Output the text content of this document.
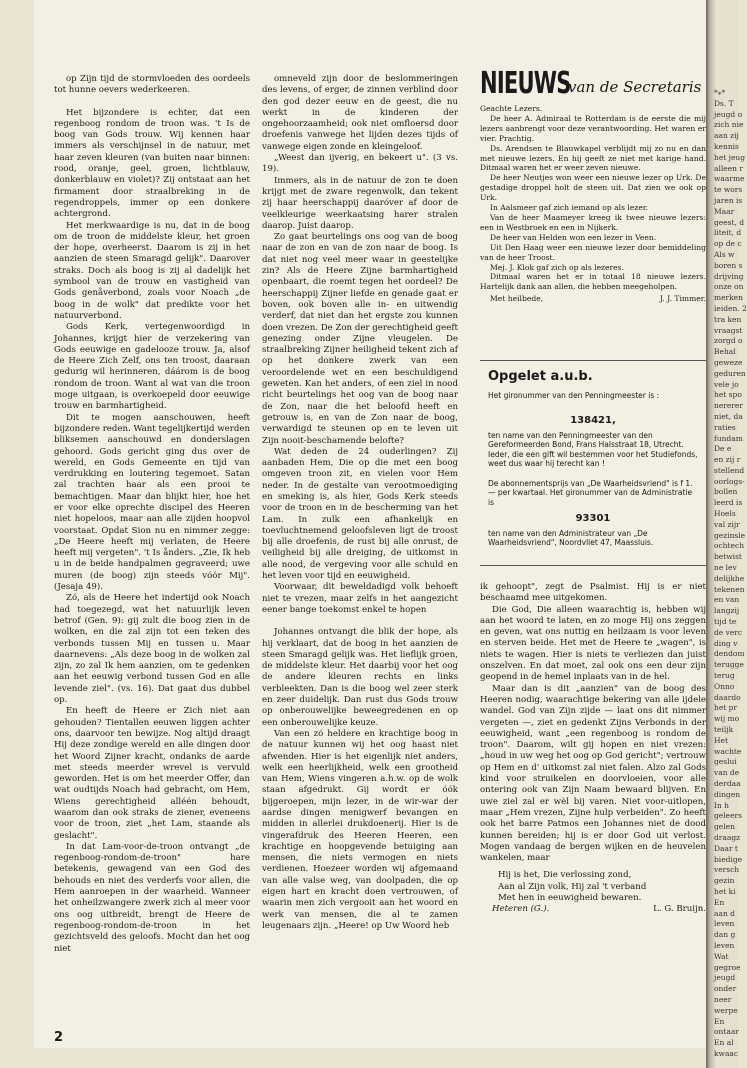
op Zijn tijd de stormvloeden des oordeels tot hunne oevers wederkeeren.

Het bijzondere is echter, dat een regenboog rondom de troon was. 't Is de boog van Gods trouw. Wij kennen haar immers als verschijnsel in de natuur, met haar zeven kleuren (van buiten naar binnen: rood, oranje, geel, groen, lichtblauw, donkerblauw en violet)? Zij ontstaat aan het firmament door straalbreking in de regendroppels, immer op een donkere achtergrond.

Het merkwaardige is nu, dat in de boog om de troon de middelste kleur, het groen der hope, overheerst. Daarom is zij in het aanzien de steen Smaragd gelijk". Daarover straks. Doch als boog is zij al dadelijk het symbool van de trouw en vastigheid van Gods genåverbond, zoals voor Noach „de boog in de wolk" dat predikte voor het natuurverbond.

Gods Kerk, vertegenwoordigd in Johannes, krijgt hier de verzekering van Gods eeuwige en gadelooze trouw. Ja, alsof de Heere Zich Zelf, ons ten troost, daaraan gedurig wil herinneren, dáárom is de boog rondom de troon. Want al wat van die troon moge uitgaan, is overkoepeld door eeuwige trouw en barmhartigheid.

Dit te mogen aanschouwen, heeft bijzondere reden. Want tegelijkertijd werden bliksemen aanschouwd en donderslagen gehoord. Gods gericht ging dus over de wereld, en Gods Gemeente en tijd van verdrukking en loutering tegemoet. Satan zal trachten haar als een prooi te bemachtigen. Maar dan blijkt hier, hoe het er voor elke oprechte discipel des Heeren niet hopeloos, maar aan alle zijden hoopvol voorstaat. Opdat Sion nu en nimmer zegge: „De Heere heeft mij verlaten, de Heere heeft mij vergeten". 't Is ånders. „Zie, Ik heb u in de beide handpalmen gegraveerd; uwe muren (de boog) zijn steeds vóór Mij". (Jesaja 49).

Zó, als de Heere het indertijd ook Noach had toegezegd, wat het natuurlijk leven betrof (Gen. 9): gij zult die boog zien in de wolken, en die zal zijn tot een teken des verbonds tussen Mij en tussen u. Maar daarnevens: „Als deze boog in de wolken zal zijn, zo zal Ik hem aanzien, om te gedenken aan het eeuwig verbond tussen God en alle levende ziel". (vs. 16). Dat gaat dus dubbel op.

En heeft de Heere er Zich niet aan gehouden? Tientallen eeuwen liggen achter ons, daarvoor ten bewijze. Nog altijd draagt Hij deze zondige wereld en alle dingen door het Woord Zijner kracht, ondanks de aarde met steeds meerder wrevel is vervuld geworden. Het is om het meerder Offer, dan wat oudtijds Noach had gebracht, om Hem, Wiens gerechtigheid alléén behoudt, waarom dan ook straks de ziener, eveneens voor de troon, ziet „het Lam, staande als geslacht".

In dat Lam-voor-de-troon ontvangt „de regenboog-rondom-de-troon" hare betekenis, gewagend van een God des behouds en niet des verderfs voor allen, die Hem aanroepen in der waarheid. Wanneer het onheilzwangere zwerk zich al meer voor ons oog uitbreidt, brengt de Heere de regenboog-rondom-de-troon in het gezichtsveld des geloofs. Mocht dan het oog niet

omneveld zijn door de beslommeringen des levens, of erger, de zinnen verblind door den god dezer eeuw en de geest, die nu werkt in de kinderen der ongehoorzaamheid; ook niet omfloersd door droefenis vanwege het lijden dezes tijds of vanwege eigen zonde en kleingeloof.

„Weest dan ijverig, en bekeert u". (3 vs. 19).

Immers, als in de natuur de zon te doen krijgt met de zware regenwolk, dan tekent zij haar heerschappij daaróver af door de veelkleurige weerkaatsing harer stralen daarop. Juist daarop.

Zo gaat beurtelings ons oog van de boog naar de zon en van de zon naar de boog. Is dat niet nog veel meer waar in geestelijke zin? Als de Heere Zijne barmhartigheid openbaart, die roemt tegen het oordeel? De heerschappij Zijner liefde en genade gaat er boven, ook boven alle in- en uitwendig verderf, dat niet dan het ergste zou kunnen doen vrezen. De Zon der gerechtigheid geeft genezing onder Zijne vleugelen. De straalbreking Zijner heiligheid tekent zich af op het donkere zwerk van een veroordelende wet en een beschuldigend geweten. Kan het anders, of een ziel in nood richt beurtelings het oog van de boog naar de Zon, naar die het beloofd heeft en getrouw is, en van de Zon naar de boog, verwardigd te steunen op en te leven uit Zijn nooit-beschamende belofte?

Wat deden de 24 ouderlingen? Zij aanbaden Hem, Die op die met een boog omgeven troon zit, en vielen voor Hem neder. In de gestalte van verootmoediging en smeking is, als hier, Gods Kerk steeds voor de troon en in de bescherming van het Lam. In zulk een afhankelijk en toevluchtnemend geloofsleven ligt de troost bij alle droefenis, de rust bij alle onrust, de veiligheid bij alle dreiging, de uitkomst in alle nood, de vergeving voor alle schuld en het leven voor tijd en eeuwigheid.

Voorwaar, dit beweldadigd volk behoeft niet te vrezen, maar zelfs in het aangezicht eener bange toekomst enkel te hopen

Johannes ontvangt die blik der hope, als hij verklaart, dat de boog in het aanzien de steen Smaragd gelijk was. Het lieflijk groen, de middelste kleur. Het daarbij voor het oog de andere kleuren rechts en links verbleekten. Dan is die boog wel zeer sterk en zeer duidelijk. Dan rust dus Gods trouw op onberouwelijke beweegredenen en op een onberouwelijke keuze.

Van een zó heldere en krachtige boog in de natuur kunnen wij het oog haast niet afwenden. Hier is het eigenlijk niet anders, welk een heerlijkheid, welk een grootheid van Hem, Wiens vingeren a.h.w. op de wolk staan afgedrukt. Gij wordt er óók bijgeroepen, mijn lezer, in de wir-war der aardse dingen menigwerf bevangen en midden in allerlei drukdoenerij. Hier is de vingerafdruk des Heeren Heeren, een krachtige en hoopgevende betuiging aan mensen, die niets vermogen en niets verdienen. Hoezeer worden wij afgemaand van alle valse weg, van doolpaden, die op eigen hart en kracht doen vertrouwen, of waarin men zich vergooit aan het woord en werk van mensen, die al te zamen leugenaars zijn. „Heere! op Uw Woord heb

NIEUWS
van de Secretaris

Geachte Lezers.

De heer A. Admiraal te Rotterdam is de eerste die mij lezers aanbrengt voor deze verantwoording. Het waren er vier. Prachtig.

Ds. Arendsen te Blauwkapel verblijdt mij zo nu en dan met nieuwe lezers. En hij geeft ze niet met karige hand. Ditmaal waren het er weer zeven nieuwe.

De heer Neutjes won weer een nieuwe lezer op Urk. De gestadige droppel holt de steen uit. Dat zien we ook op Urk.

In Aalsmeer gaf zich iemand op als lezer.

Van de heer Maameyer kreeg ik twee nieuwe lezers: een in Westbroek en een in Nijkerk.

De heer van Helden won een lezer in Veen.

Uit Den Haag weer een nieuwe lezer door bemiddeling van de heer Troost.

Mej. J. Klok gaf zich op als lezeres.

Ditmaal waren het er in totaal 18 nieuwe lezers. Hartelijk dank aan allen, die hebben meegeholpen.

Met heilbede,	J. J. Timmer.
Opgelet a.u.b.
Het gironummer van den Penningmeester is :
138421,
ten name van den Penningmeester van den Gereformeerden Bond, Frans Halsstraat 18, Utrecht. Ieder, die een gift wil bestemmen voor het Studiefonds, weet dus waar hij terecht kan !
De abonnementsprijs van „De Waarheidsvriend" is f 1.— per kwartaal. Het gironummer van de Administratie is
93301
ten name van den Administrateur van „De Waarheidsvriend", Noordvliet 47, Maassluis.

ik gehoopt", zegt de Psalmist. Hij is er niet beschaamd mee uitgekomen.

Die God, Die alleen waarachtig is, hebben wij aan het woord te laten, en zo moge Hij ons zeggen en geven, wat ons nuttig en heilzaam is voor leven en sterven beide. Het met de Heere te „wagen", is niets te wagen. Hier is niets te verliezen dan juist onszelven. En dat moet, zal ook ons een deur zijn geopend in de hemel inplaats van in de hel.

Maar dan is dit „aanzien" van de boog des Heeren nodig, waarachtige bekering van alle ijdele wandel. God van Zijn zijde — laat ons dit nimmer vergeten —, ziet en gedenkt Zijns Verbonds in der eeuwigheid, want „een regenboog is rondom de troon". Daarom, wilt gij hopen en niet vrezen: „houd in uw weg het oog op God gericht"; vertrouw op Hem en d' uitkomst zal niet falen. Alzo zal Gods kind voor struikelen en doorvloeien, voor alle ontering ook van Zijn Naam bewaard blijven. En uwe ziel zal er wèl bij varen. Niet voor-uitlopen, maar „Hem vrezen, Zijne hulp verbeiden". Zo heeft ook het barre Patmos een Johannes niet de dood kunnen bereiden; hij is er door God uit verlost. Mogen vandaag de bergen wijken en de heuvelen wankelen, maar

Hij is het, Die verlossing zond,

Aan al Zijn volk, Hij zal 't verband

Met hen in eeuwigheid bewaren.

Heteren (G.).	L. G. Bruijn.

2
*⁎*
Ds. T
jeugd o
zich nie
aan zij
kennis
het jeug
alleen r
waarme
te wors
jaren is
Maar
geest, d
liteit, d
op de c
Als w
boren s
drijving
onze on
merken
leiden. 2
tra ken
vraagst
zorgd o
Behal
geweze
geduren
vele jo
het spo
nererer
niet, da
raties
fundam
De e
en zij r
stellend
oorlogs-
bollen
leerd is
Hoels
val zijr
gezinsle
ochtech
betwist
ne lev
delijkhe
tekenen
en van
langzij
tijd te
de verc
ding v
dendom
terugge
terug
Onno
daardo
het pr
wij mo
teiljk
Het
wachte
geslui
van de
derdaa
dingen
In h
geleers
gelen
draagz
Daar t
biedige
versch
gezin
het ki
En
aan d
leven
dan g
leven
Wat
gegroe
jeugd
onder
neer
werpe
En
ontaar
En al
kwaac
